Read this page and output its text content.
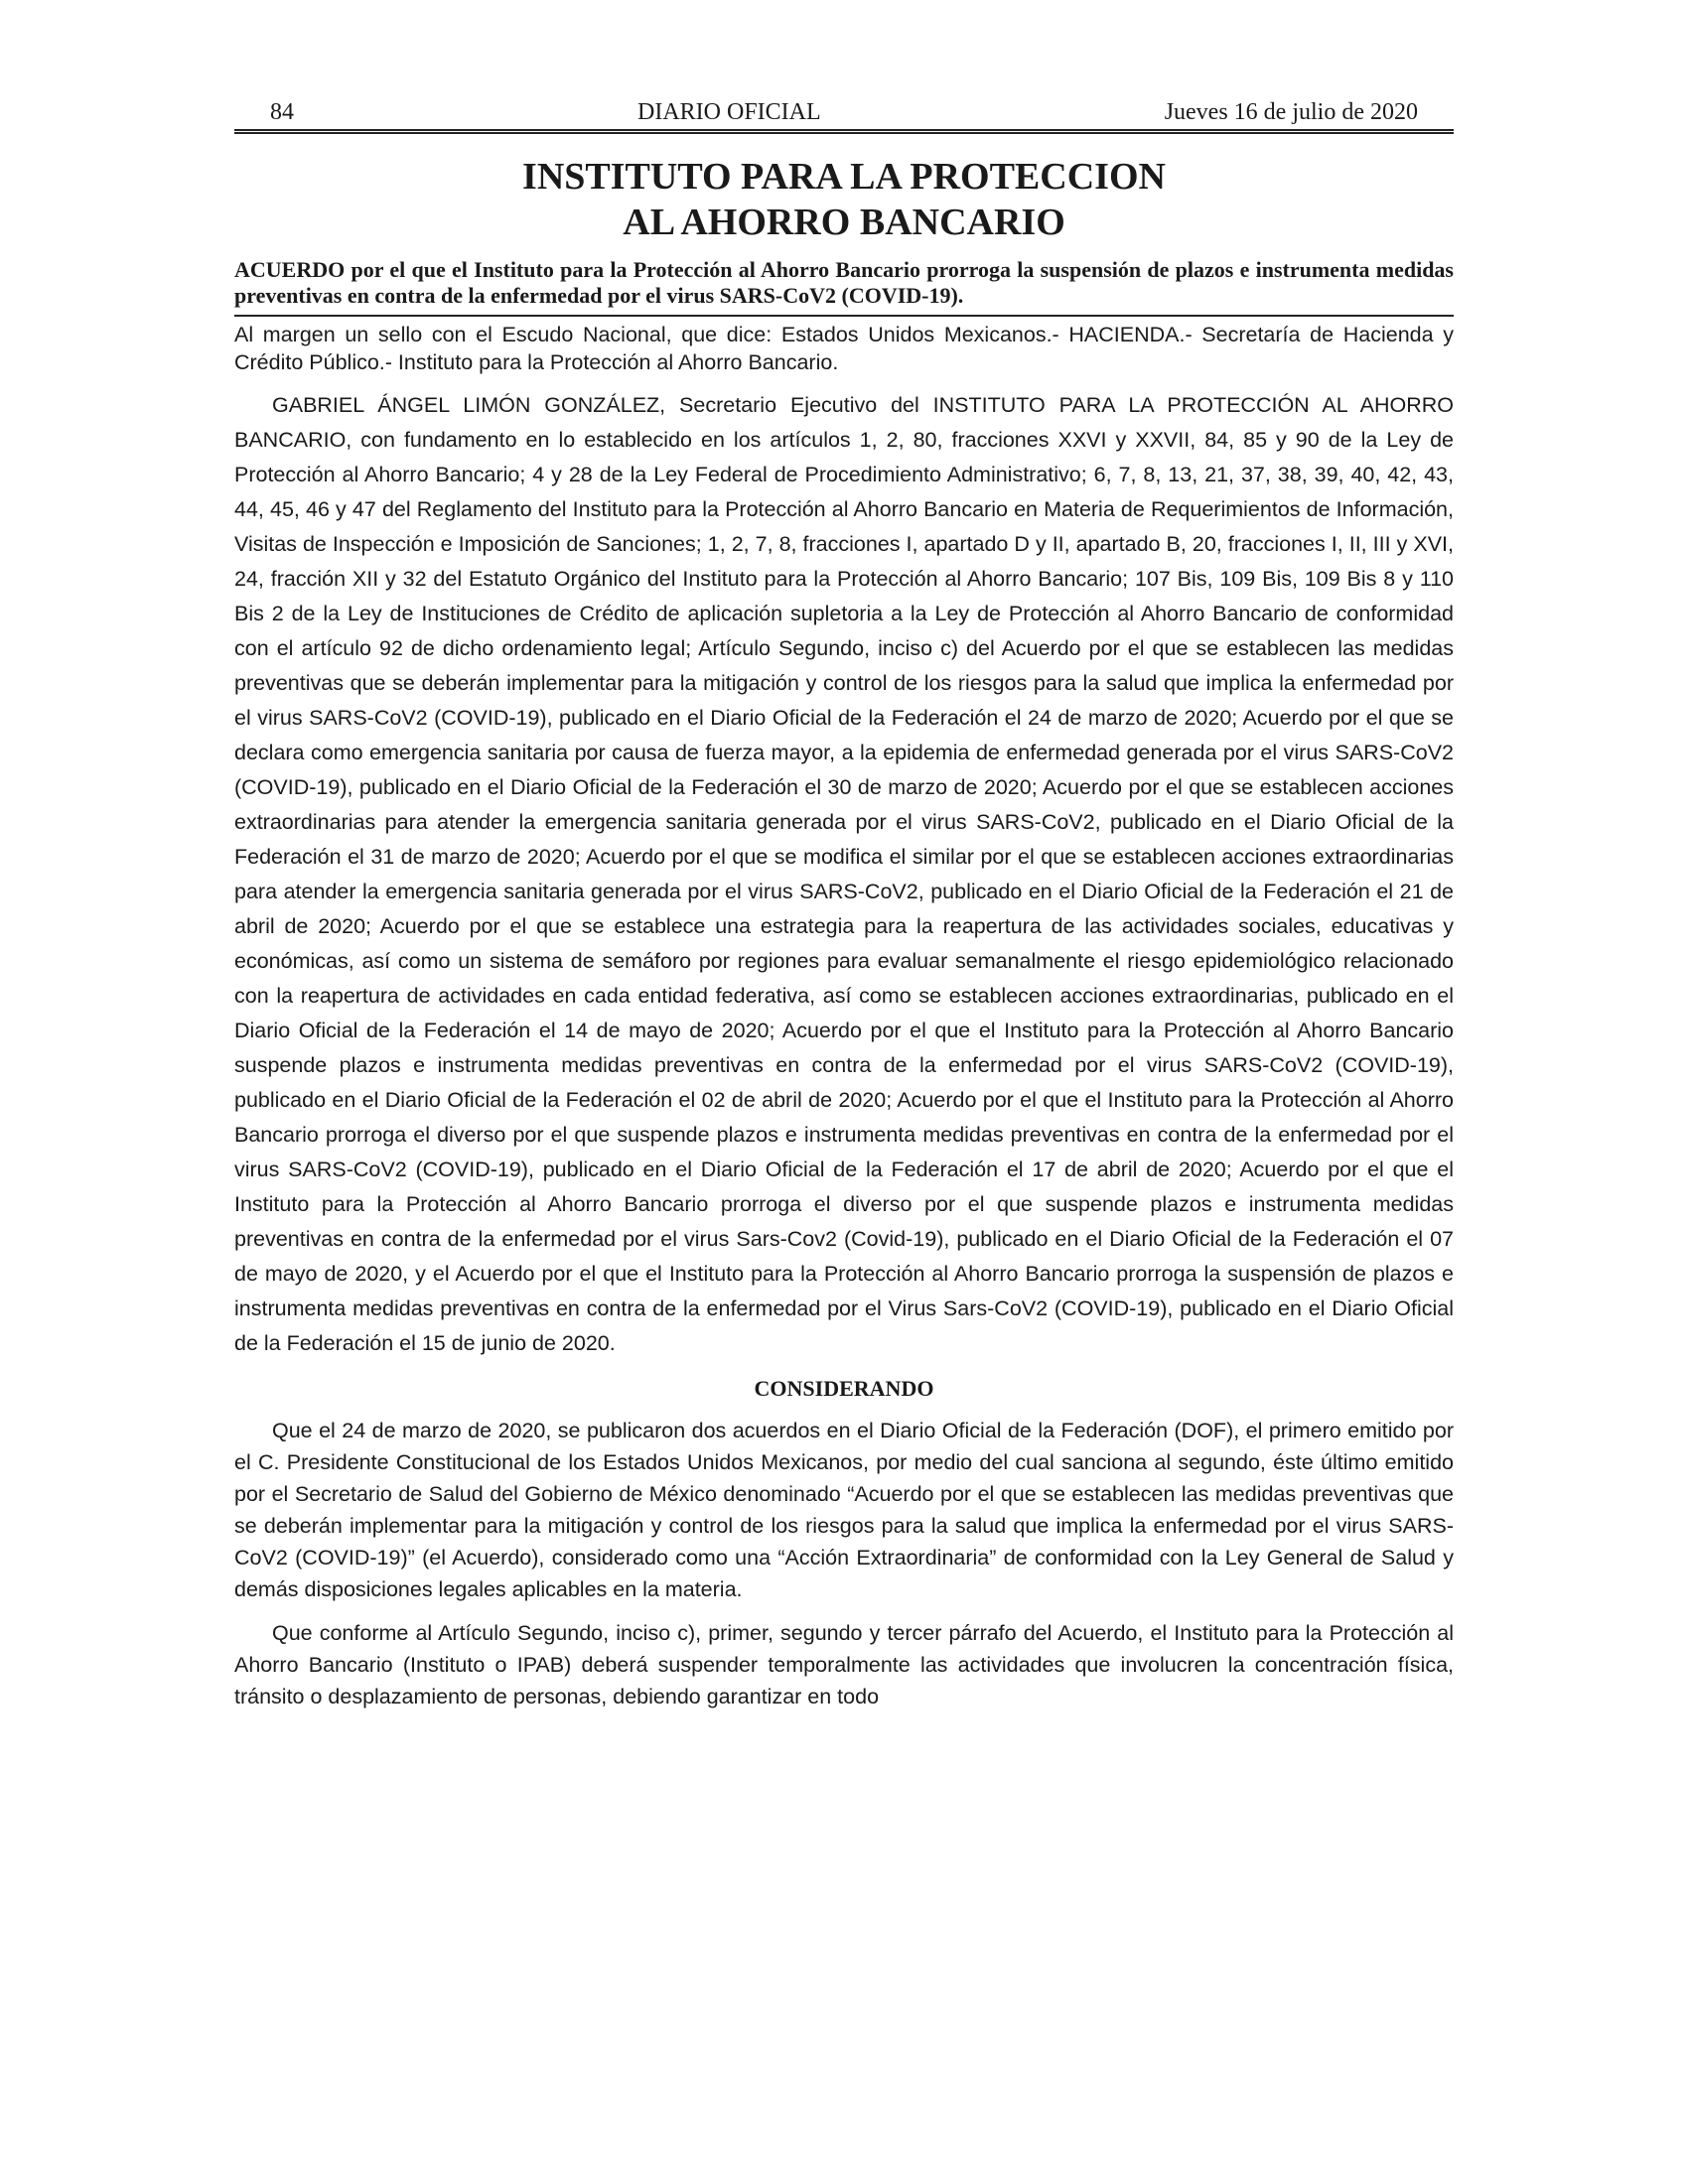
84	DIARIO OFICIAL	Jueves 16 de julio de 2020
INSTITUTO PARA LA PROTECCION
AL AHORRO BANCARIO
ACUERDO por el que el Instituto para la Protección al Ahorro Bancario prorroga la suspensión de plazos e instrumenta medidas preventivas en contra de la enfermedad por el virus SARS-CoV2 (COVID-19).
Al margen un sello con el Escudo Nacional, que dice: Estados Unidos Mexicanos.- HACIENDA.- Secretaría de Hacienda y Crédito Público.- Instituto para la Protección al Ahorro Bancario.
GABRIEL ÁNGEL LIMÓN GONZÁLEZ, Secretario Ejecutivo del INSTITUTO PARA LA PROTECCIÓN AL AHORRO BANCARIO, con fundamento en lo establecido en los artículos 1, 2, 80, fracciones XXVI y XXVII, 84, 85 y 90 de la Ley de Protección al Ahorro Bancario; 4 y 28 de la Ley Federal de Procedimiento Administrativo; 6, 7, 8, 13, 21, 37, 38, 39, 40, 42, 43, 44, 45, 46 y 47 del Reglamento del Instituto para la Protección al Ahorro Bancario en Materia de Requerimientos de Información, Visitas de Inspección e Imposición de Sanciones; 1, 2, 7, 8, fracciones I, apartado D y II, apartado B, 20, fracciones I, II, III y XVI, 24, fracción XII y 32 del Estatuto Orgánico del Instituto para la Protección al Ahorro Bancario; 107 Bis, 109 Bis, 109 Bis 8 y 110 Bis 2 de la Ley de Instituciones de Crédito de aplicación supletoria a la Ley de Protección al Ahorro Bancario de conformidad con el artículo 92 de dicho ordenamiento legal; Artículo Segundo, inciso c) del Acuerdo por el que se establecen las medidas preventivas que se deberán implementar para la mitigación y control de los riesgos para la salud que implica la enfermedad por el virus SARS-CoV2 (COVID-19), publicado en el Diario Oficial de la Federación el 24 de marzo de 2020; Acuerdo por el que se declara como emergencia sanitaria por causa de fuerza mayor, a la epidemia de enfermedad generada por el virus SARS-CoV2 (COVID-19), publicado en el Diario Oficial de la Federación el 30 de marzo de 2020; Acuerdo por el que se establecen acciones extraordinarias para atender la emergencia sanitaria generada por el virus SARS-CoV2, publicado en el Diario Oficial de la Federación el 31 de marzo de 2020; Acuerdo por el que se modifica el similar por el que se establecen acciones extraordinarias para atender la emergencia sanitaria generada por el virus SARS-CoV2, publicado en el Diario Oficial de la Federación el 21 de abril de 2020; Acuerdo por el que se establece una estrategia para la reapertura de las actividades sociales, educativas y económicas, así como un sistema de semáforo por regiones para evaluar semanalmente el riesgo epidemiológico relacionado con la reapertura de actividades en cada entidad federativa, así como se establecen acciones extraordinarias, publicado en el Diario Oficial de la Federación el 14 de mayo de 2020; Acuerdo por el que el Instituto para la Protección al Ahorro Bancario suspende plazos e instrumenta medidas preventivas en contra de la enfermedad por el virus SARS-CoV2 (COVID-19), publicado en el Diario Oficial de la Federación el 02 de abril de 2020; Acuerdo por el que el Instituto para la Protección al Ahorro Bancario prorroga el diverso por el que suspende plazos e instrumenta medidas preventivas en contra de la enfermedad por el virus SARS-CoV2 (COVID-19), publicado en el Diario Oficial de la Federación el 17 de abril de 2020; Acuerdo por el que el Instituto para la Protección al Ahorro Bancario prorroga el diverso por el que suspende plazos e instrumenta medidas preventivas en contra de la enfermedad por el virus Sars-Cov2 (Covid-19), publicado en el Diario Oficial de la Federación el 07 de mayo de 2020, y el Acuerdo por el que el Instituto para la Protección al Ahorro Bancario prorroga la suspensión de plazos e instrumenta medidas preventivas en contra de la enfermedad por el Virus Sars-CoV2 (COVID-19), publicado en el Diario Oficial de la Federación el 15 de junio de 2020.
CONSIDERANDO
Que el 24 de marzo de 2020, se publicaron dos acuerdos en el Diario Oficial de la Federación (DOF), el primero emitido por el C. Presidente Constitucional de los Estados Unidos Mexicanos, por medio del cual sanciona al segundo, éste último emitido por el Secretario de Salud del Gobierno de México denominado “Acuerdo por el que se establecen las medidas preventivas que se deberán implementar para la mitigación y control de los riesgos para la salud que implica la enfermedad por el virus SARS-CoV2 (COVID-19)” (el Acuerdo), considerado como una “Acción Extraordinaria” de conformidad con la Ley General de Salud y demás disposiciones legales aplicables en la materia.
Que conforme al Artículo Segundo, inciso c), primer, segundo y tercer párrafo del Acuerdo, el Instituto para la Protección al Ahorro Bancario (Instituto o IPAB) deberá suspender temporalmente las actividades que involucren la concentración física, tránsito o desplazamiento de personas, debiendo garantizar en todo
